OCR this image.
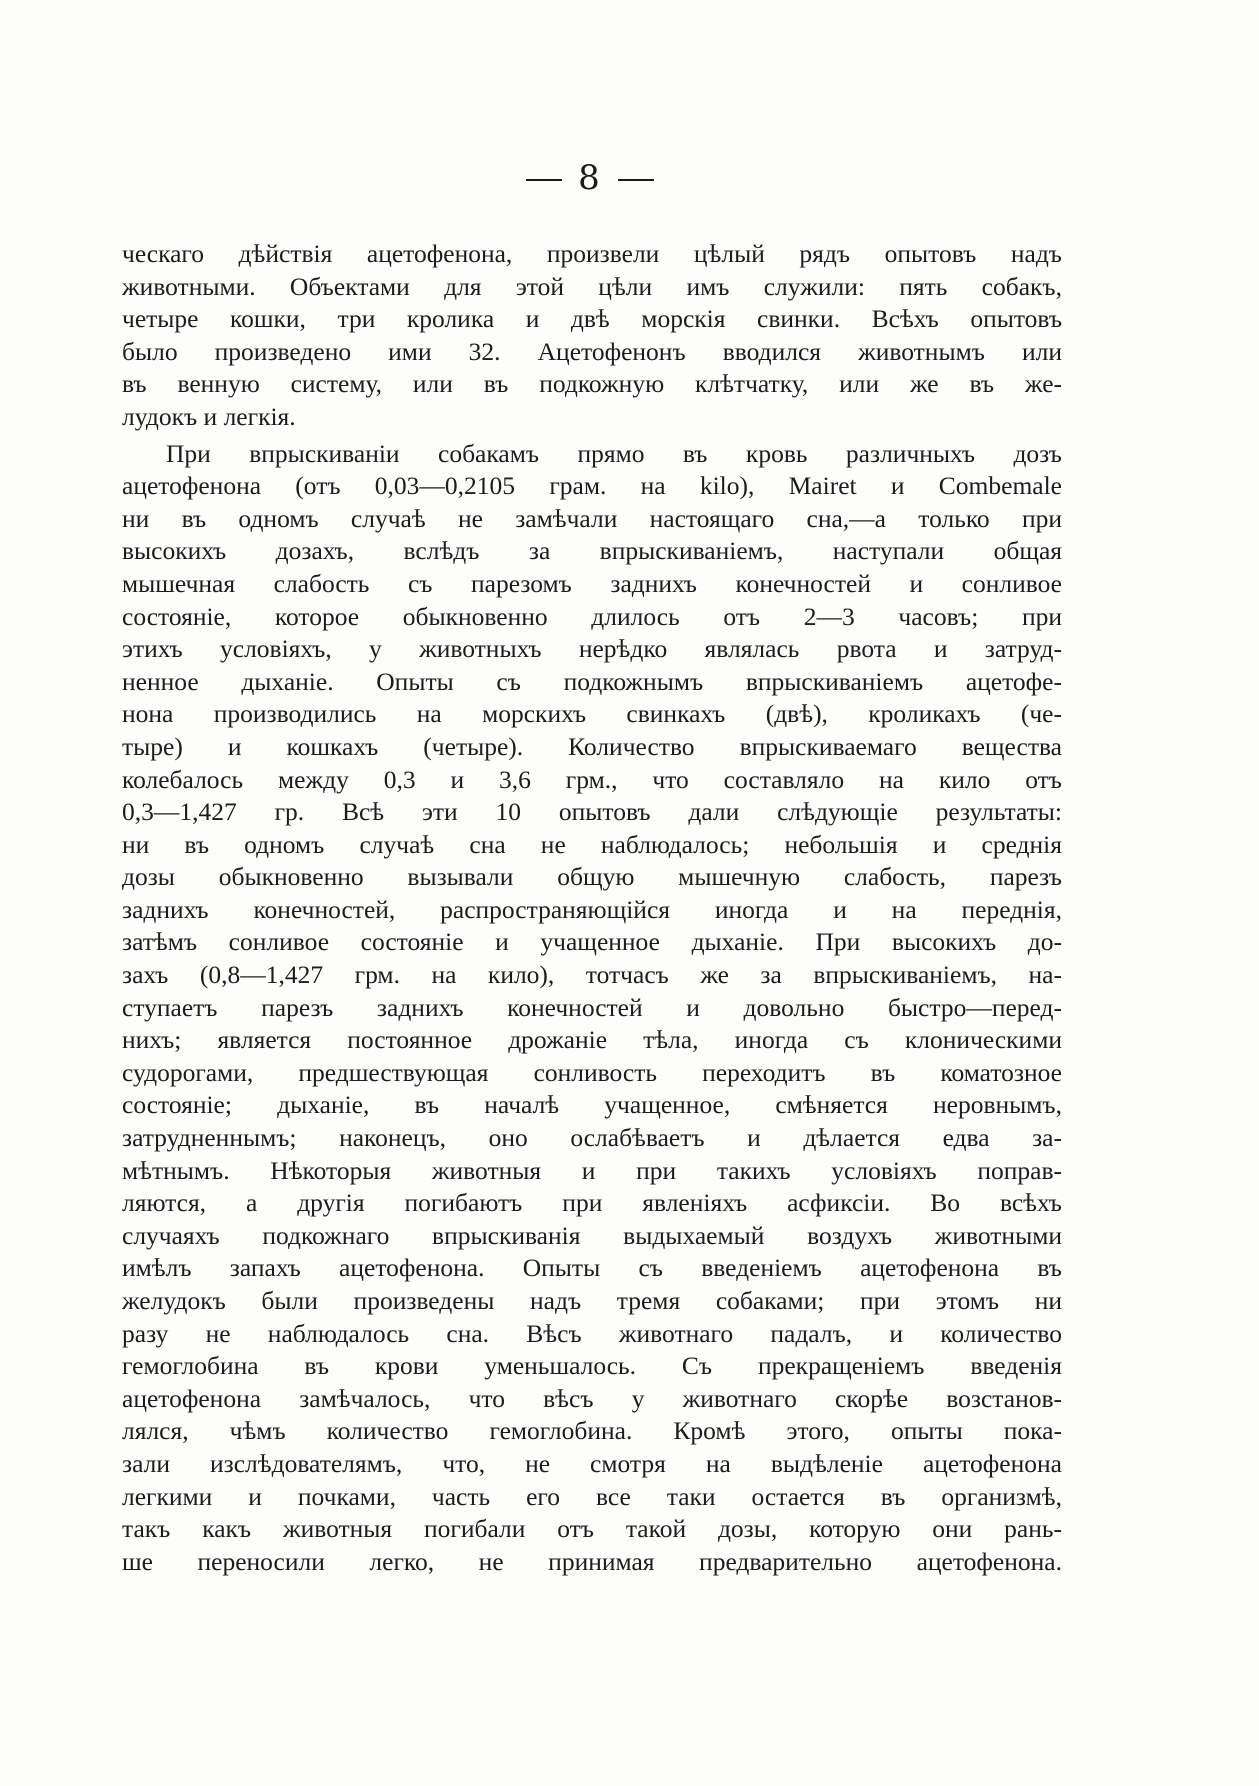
8
ческаго дѣйствія ацетофенона, произвели цѣлый рядъ опытовъ надъ
животными. Объектами для этой цѣли имъ служили: пять собакъ,
четыре кошки, три кролика и двѣ морскія свинки. Всѣхъ опытовъ
было произведено ими 32. Ацетофенонъ вводился животнымъ или
въ венную систему, или въ подкожную клѣтчатку, или же въ же-
лудокъ и легкія.
При впрыскиваніи собакамъ прямо въ кровь различныхъ дозъ
ацетофенона (отъ 0,03—0,2105 грам. на kilo), Mairet и Combemale
ни въ одномъ случаѣ не замѣчали настоящаго сна,—а только при
высокихъ дозахъ, вслѣдъ за впрыскиваніемъ, наступали общая
мышечная слабость съ парезомъ заднихъ конечностей и сонливое
состояніе, которое обыкновенно длилось отъ 2—3 часовъ; при
этихъ условіяхъ, у животныхъ нерѣдко являлась рвота и затруд-
ненное дыханіе. Опыты съ подкожнымъ впрыскиваніемъ ацетофе-
нона производились на морскихъ свинкахъ (двѣ), кроликахъ (че-
тыре) и кошкахъ (четыре). Количество впрыскиваемаго вещества
колебалось между 0,3 и 3,6 грм., что составляло на кило отъ
0,3—1,427 гр. Всѣ эти 10 опытовъ дали слѣдующіе результаты:
ни въ одномъ случаѣ сна не наблюдалось; небольшія и среднія
дозы обыкновенно вызывали общую мышечную слабость, парезъ
заднихъ конечностей, распространяющійся иногда и на переднія,
затѣмъ сонливое состояніе и учащенное дыханіе. При высокихъ до-
захъ (0,8—1,427 грм. на кило), тотчасъ же за впрыскиваніемъ, на-
ступаетъ парезъ заднихъ конечностей и довольно быстро—перед-
нихъ; является постоянное дрожаніе тѣла, иногда съ клоническими
судорогами, предшествующая сонливость переходитъ въ коматозное
состояніе; дыханіе, въ началѣ учащенное, смѣняется неровнымъ,
затрудненнымъ; наконецъ, оно ослабѣваетъ и дѣлается едва за-
мѣтнымъ. Нѣкоторыя животныя и при такихъ условіяхъ поправ-
ляются, а другія погибаютъ при явленіяхъ асфиксіи. Во всѣхъ
случаяхъ подкожнаго впрыскиванія выдыхаемый воздухъ животными
имѣлъ запахъ ацетофенона. Опыты съ введеніемъ ацетофенона въ
желудокъ были произведены надъ тремя собаками; при этомъ ни
разу не наблюдалось сна. Вѣсъ животнаго падалъ, и количество
гемоглобина въ крови уменьшалось. Съ прекращеніемъ введенія
ацетофенона замѣчалось, что вѣсъ у животнаго скорѣе возстанов-
лялся, чѣмъ количество гемоглобина. Кромѣ этого, опыты пока-
зали изслѣдователямъ, что, не смотря на выдѣленіе ацетофенона
легкими и почками, часть его все таки остается въ организмѣ,
такъ какъ животныя погибали отъ такой дозы, которую они рань-
ше переносили легко, не принимая предварительно ацетофенона.
